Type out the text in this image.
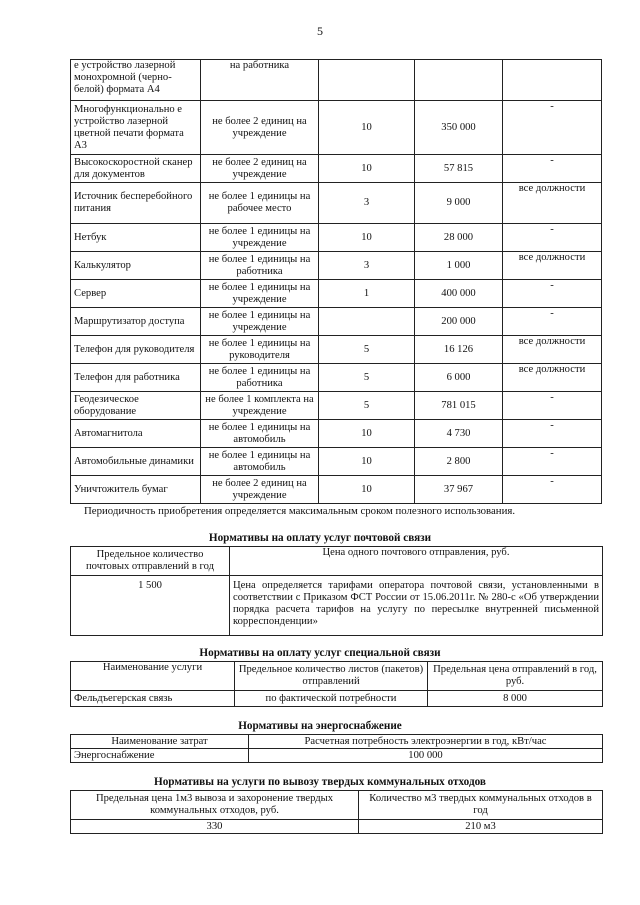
5
е устройство лазерной монохромной (черно-белой) формата А4	на работника			
Многофункционально е устройство лазерной цветной печати формата А3	не более 2 единиц на учреждение	10	350 000	-
Высокоскоростной сканер для документов	не более 2 единиц на учреждение	10	57 815	-
Источник бесперебойного питания	не более 1 единицы на рабочее место	3	9 000	все должности
Нетбук	не более 1 единицы на учреждение	10	28 000	-
Калькулятор	не более 1 единицы на работника	3	1 000	все должности
Сервер	не более 1 единицы на учреждение	1	400 000	-
Маршрутизатор доступа	не более 1 единицы на учреждение		200 000	-
Телефон для руководителя	не более 1 единицы на руководителя	5	16 126	все должности
Телефон для работника	не более 1 единицы на работника	5	6 000	все должности
Геодезическое оборудование	не более 1 комплекта на учреждение	5	781 015	-
Автомагнитола	не более 1 единицы на автомобиль	10	4 730	-
Автомобильные динамики	не более 1 единицы на автомобиль	10	2 800	-
Уничтожитель бумаг	не более 2 единиц на учреждение	10	37 967	-
Периодичность приобретения определяется максимальным сроком полезного использования.
Нормативы на оплату услуг почтовой связи
Предельное количество почтовых отправлений в год	Цена одного почтового отправления, руб.
1 500	Цена определяется тарифами оператора почтовой связи, установленными в соответствии с Приказом ФСТ России от 15.06.2011г. № 280-с «Об утверждении порядка расчета тарифов на услугу по пересылке внутренней письменной корреспонденции»
Нормативы на оплату услуг специальной связи
Наименование услуги	Предельное количество листов (пакетов) отправлений	Предельная цена отправлений в год, руб.
Фельдъегерская связь	по фактической потребности	8 000
Нормативы на энергоснабжение
Наименование затрат	Расчетная потребность электроэнергии в год, кВт/час
Энергоснабжение	100 000
Нормативы на услуги по вывозу твердых коммунальных отходов
Предельная цена 1м3 вывоза и захоронение твердых коммунальных отходов, руб.	Количество м3 твердых коммунальных отходов в год
330	210 м3
